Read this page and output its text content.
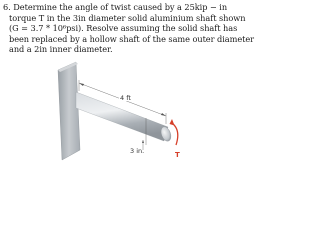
6. Determine the angle of twist caused by a 25kip − in
torque T in the 3in diameter solid aluminium shaft shown
(G = 3.7 * 10⁶psi). Resolve assuming the solid shaft has
been replaced by a hollow shaft of the same outer diameter
and a 2in inner diameter.
4 ft
3 in.	T
